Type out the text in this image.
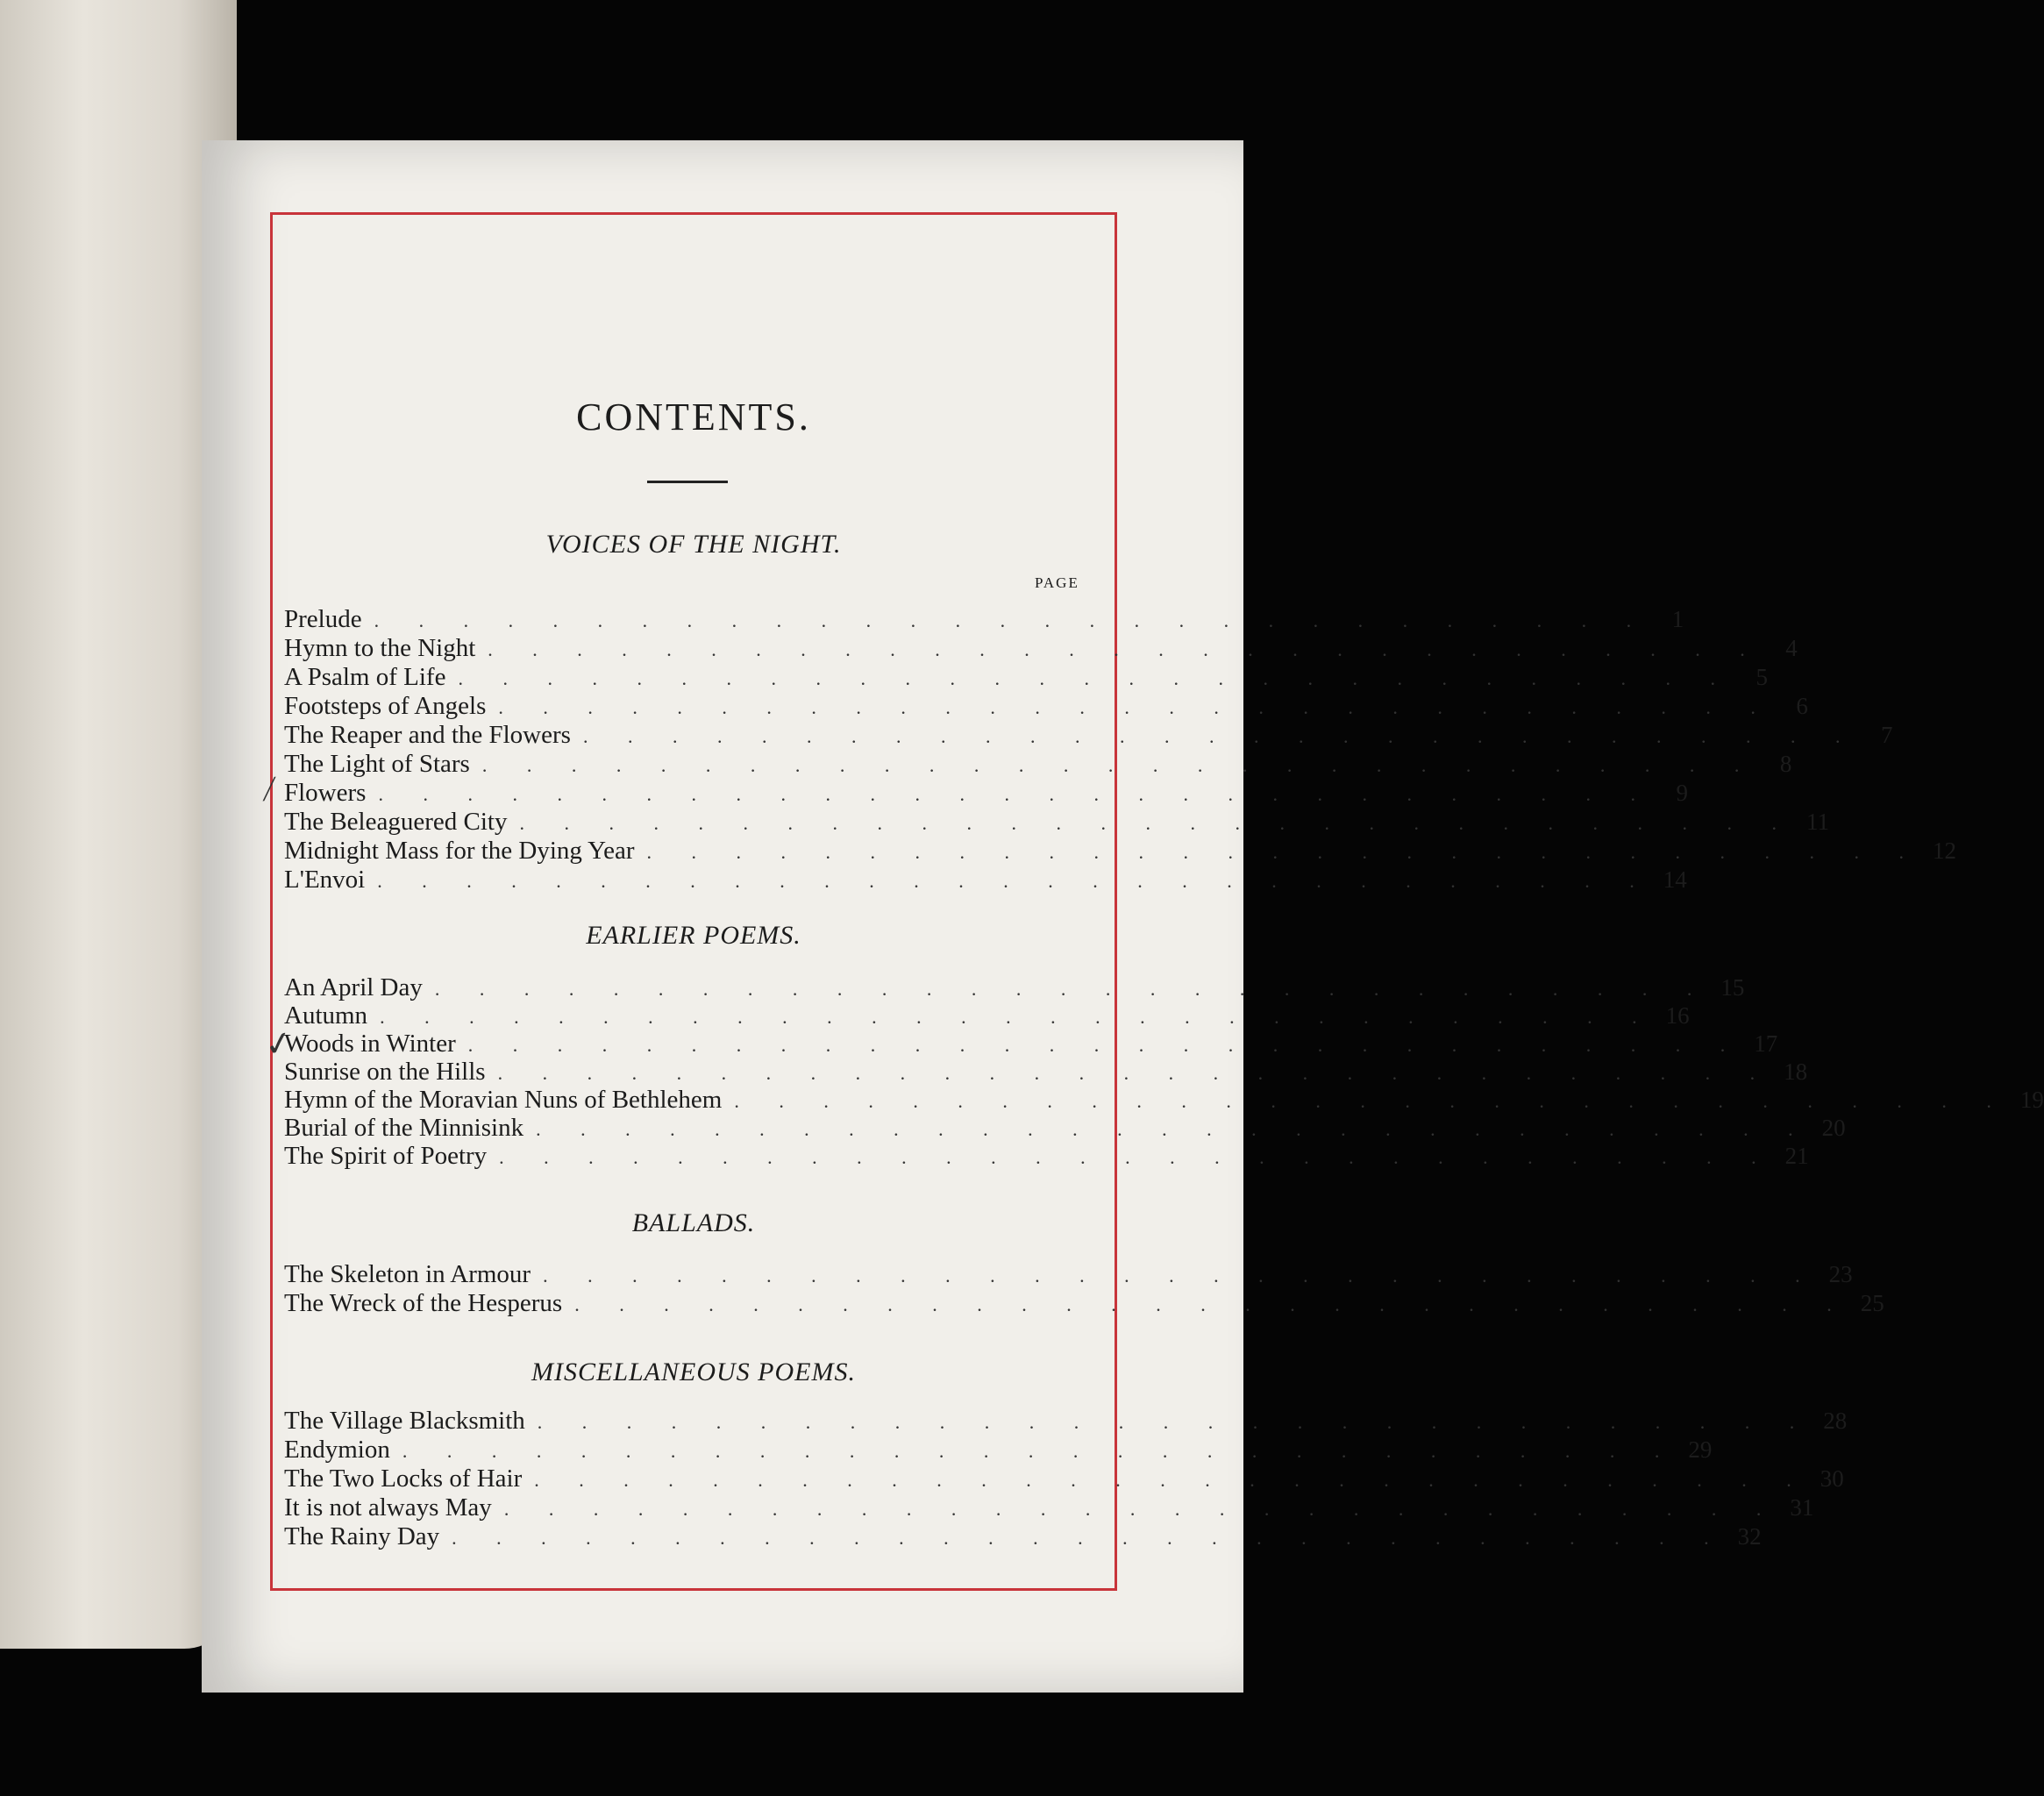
CONTENTS.
VOICES OF THE NIGHT.
PAGE
Prelude . . . . . . . . . . . . . . . . . . . . . . . . . . . . . 1
Hymn to the Night . . . . . . . . . . . . . . . . . . . . . . . . . . . . . 4
A Psalm of Life . . . . . . . . . . . . . . . . . . . . . . . . . . . . . 5
Footsteps of Angels . . . . . . . . . . . . . . . . . . . . . . . . . . . . . 6
The Reaper and the Flowers . . . . . . . . . . . . . . . . . . . . . . . . . . . . . 7
The Light of Stars . . . . . . . . . . . . . . . . . . . . . . . . . . . . . 8
Flowers . . . . . . . . . . . . . . . . . . . . . . . . . . . . . 9
The Beleaguered City . . . . . . . . . . . . . . . . . . . . . . . . . . . . . 11
Midnight Mass for the Dying Year . . . . . . . . . . . . . . . . . . . . . . . . . . . . . 12
L'Envoi . . . . . . . . . . . . . . . . . . . . . . . . . . . . . 14
EARLIER POEMS.
An April Day . . . . . . . . . . . . . . . . . . . . . . . . . . . . . 15
Autumn . . . . . . . . . . . . . . . . . . . . . . . . . . . . . 16
Woods in Winter . . . . . . . . . . . . . . . . . . . . . . . . . . . . . 17
Sunrise on the Hills . . . . . . . . . . . . . . . . . . . . . . . . . . . . . 18
Hymn of the Moravian Nuns of Bethlehem . . . . . . . . . . . . . . . . . . . . . . . . . . . . . 19
Burial of the Minnisink . . . . . . . . . . . . . . . . . . . . . . . . . . . . . 20
The Spirit of Poetry . . . . . . . . . . . . . . . . . . . . . . . . . . . . . 21
BALLADS.
The Skeleton in Armour . . . . . . . . . . . . . . . . . . . . . . . . . . . . . 23
The Wreck of the Hesperus . . . . . . . . . . . . . . . . . . . . . . . . . . . . . 25
MISCELLANEOUS POEMS.
The Village Blacksmith . . . . . . . . . . . . . . . . . . . . . . . . . . . . . 28
Endymion . . . . . . . . . . . . . . . . . . . . . . . . . . . . . 29
The Two Locks of Hair . . . . . . . . . . . . . . . . . . . . . . . . . . . . . 30
It is not always May . . . . . . . . . . . . . . . . . . . . . . . . . . . . . 31
The Rainy Day . . . . . . . . . . . . . . . . . . . . . . . . . . . . . 32
⁄
✓
